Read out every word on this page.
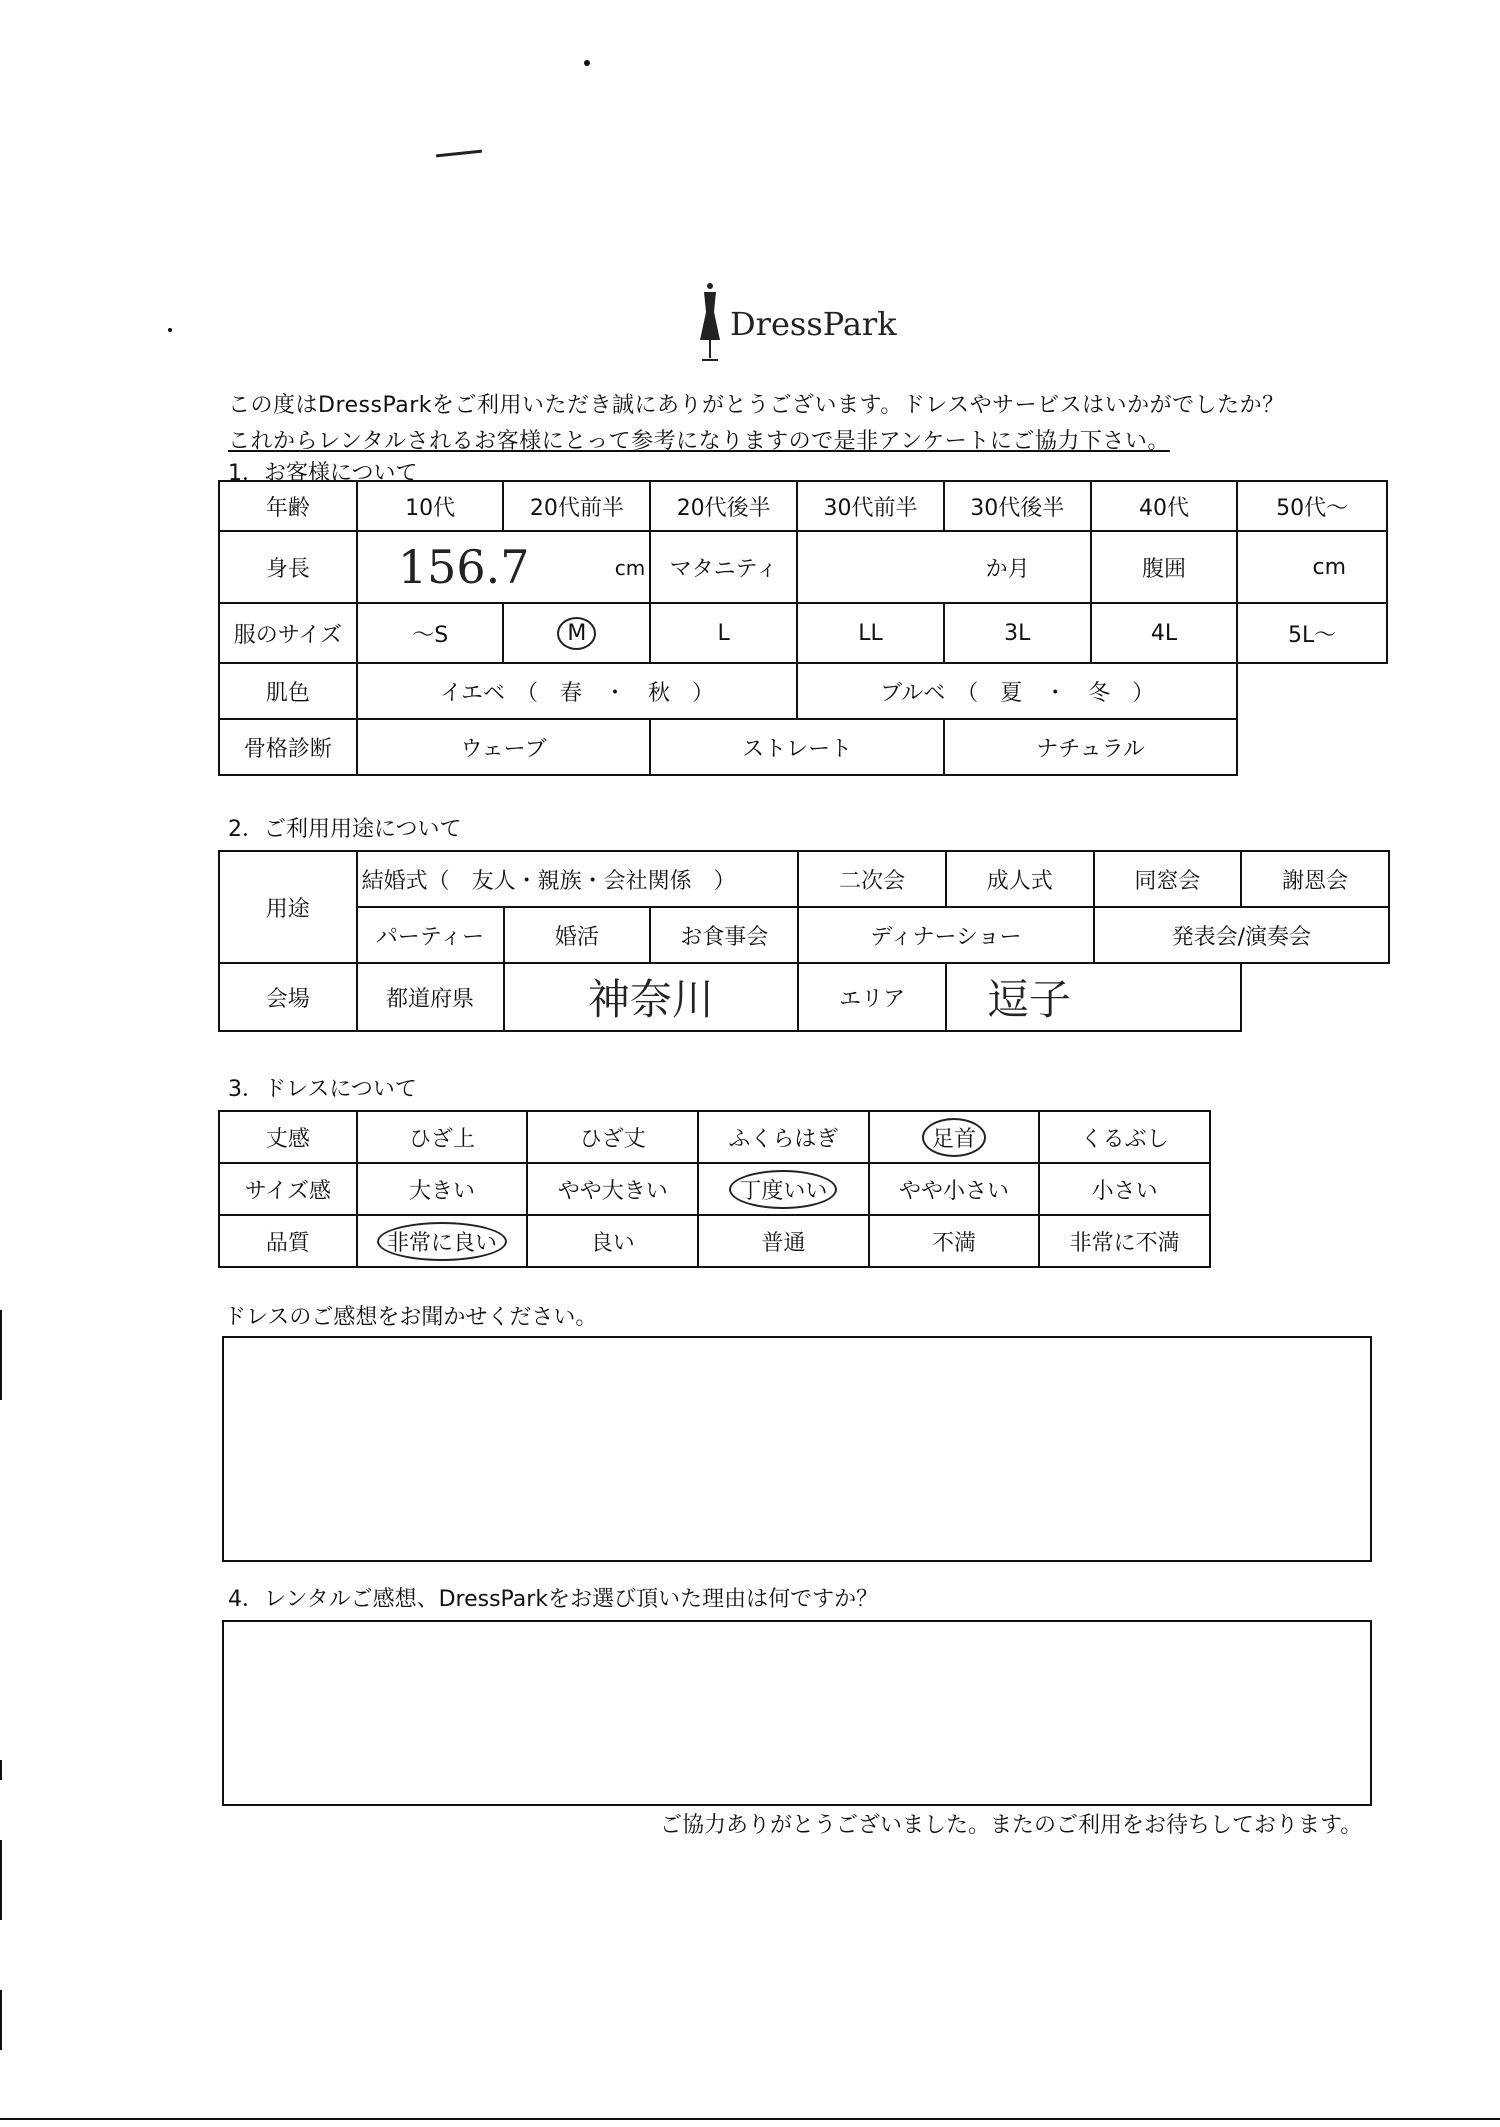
DressPark
この度はDressParkをご利用いただき誠にありがとうございます。ドレスやサービスはいかがでしたか？
これからレンタルされるお客様にとって参考になりますので是非アンケートにご協力下さい。
1．お客様について
年齢	10代	20代前半	20代後半	30代前半	30代後半	40代	50代～
身長	156.7 cm		マタニティ	か月		腹囲	cm
服のサイズ	～S	M	L	LL	3L	4L	5L～
肌色	イエベ　（　春　・　秋　）			ブルベ　（　夏　・　冬　）			
骨格診断	ウェーブ		ストレート		ナチュラル		
2．ご利用用途について
用途	結婚式（　友人・親族・会社関係　）			二次会	成人式	同窓会	謝恩会
	パーティー	婚活	お食事会	ディナーショー		発表会/演奏会	
会場	都道府県	神奈川		エリア	逗子		
3．ドレスについて
丈感	ひざ上	ひざ丈	ふくらはぎ	足首	くるぶし
サイズ感	大きい	やや大きい	丁度いい	やや小さい	小さい
品質	非常に良い	良い	普通	不満	非常に不満
ドレスのご感想をお聞かせください。
4．レンタルご感想、DressParkをお選び頂いた理由は何ですか？
ご協力ありがとうございました。またのご利用をお待ちしております。
